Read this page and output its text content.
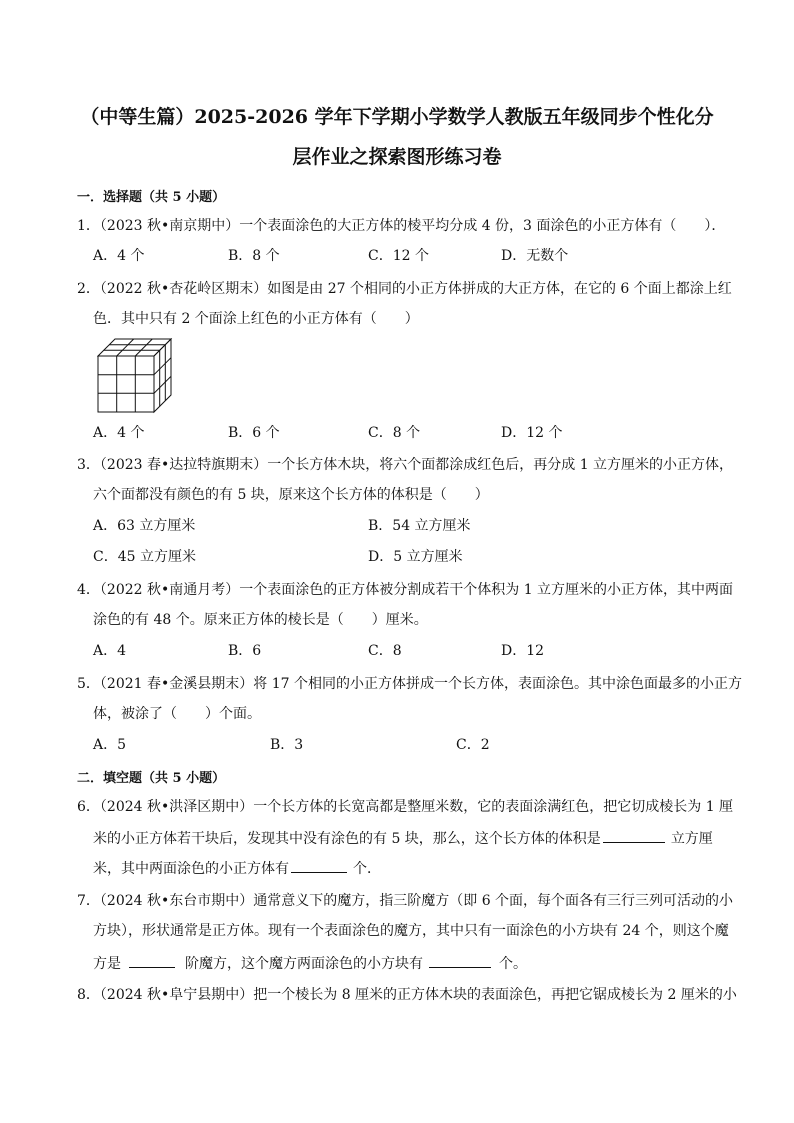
（中等生篇）2025-2026 学年下学期小学数学人教版五年级同步个性化分
层作业之探索图形练习卷
一．选择题（共 5 小题）
1．（2023 秋•南京期中）一个表面涂色的大正方体的棱平均分成 4 份，3 面涂色的小正方体有（　　）．
A．4 个	B．8 个	C．12 个	D．无数个
2．（2022 秋•杏花岭区期末）如图是由 27 个相同的小正方体拼成的大正方体，在它的 6 个面上都涂上红
色．其中只有 2 个面涂上红色的小正方体有（　　）
A．4 个	B．6 个	C．8 个	D．12 个
3．（2023 春•达拉特旗期末）一个长方体木块，将六个面都涂成红色后，再分成 1 立方厘米的小正方体，
六个面都没有颜色的有 5 块，原来这个长方体的体积是（　　）
A．63 立方厘米	B．54 立方厘米
C．45 立方厘米	D．5 立方厘米
4．（2022 秋•南通月考）一个表面涂色的正方体被分割成若干个体积为 1 立方厘米的小正方体，其中两面
涂色的有 48 个。原来正方体的棱长是（　　）厘米。
A．4	B．6	C．8	D．12
5．（2021 春•金溪县期末）将 17 个相同的小正方体拼成一个长方体，表面涂色。其中涂色面最多的小正方
体，被涂了（　　）个面。
A．5	B．3	C．2
二．填空题（共 5 小题）
6．（2024 秋•洪泽区期中）一个长方体的长宽高都是整厘米数，它的表面涂满红色，把它切成棱长为 1 厘
米的小正方体若干块后，发现其中没有涂色的有 5 块，那么，这个长方体的体积是	立方厘
米，其中两面涂色的小正方体有	个．
7．（2024 秋•东台市期中）通常意义下的魔方，指三阶魔方（即 6 个面，每个面各有三行三列可活动的小
方块），形状通常是正方体。现有一个表面涂色的魔方，其中只有一面涂色的小方块有 24 个，则这个魔
方是	阶魔方，这个魔方两面涂色的小方块有	个。
8．（2024 秋•阜宁县期中）把一个棱长为 8 厘米的正方体木块的表面涂色，再把它锯成棱长为 2 厘米的小
